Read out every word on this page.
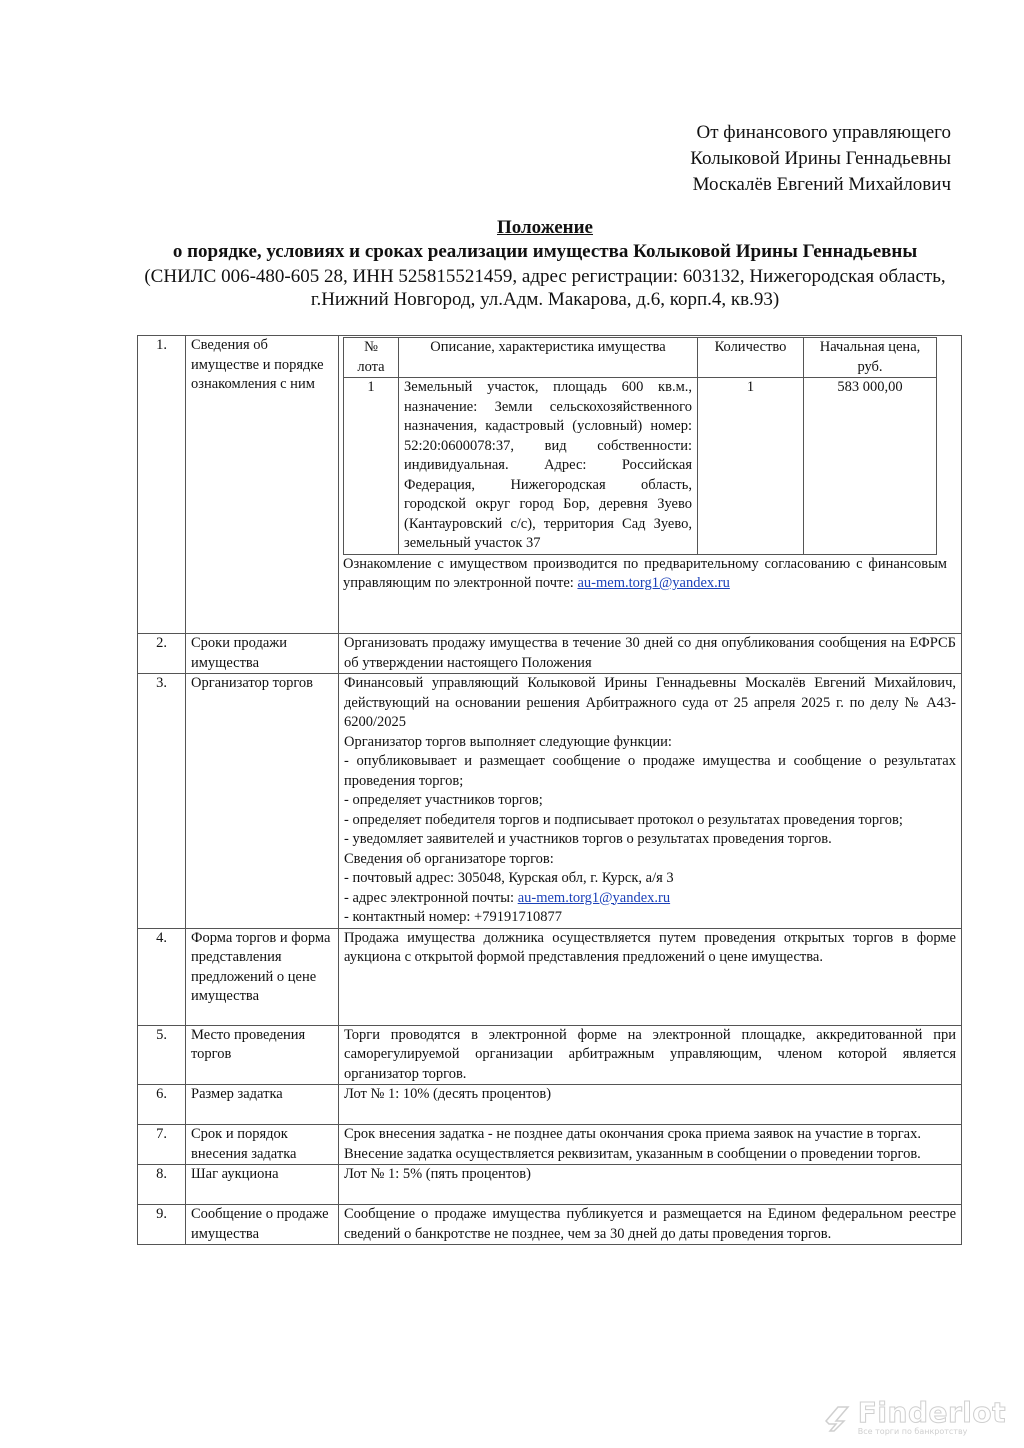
От финансового управляющего
Колыковой Ирины Геннадьевны
Москалёв Евгений Михайлович
Положение
о порядке, условиях и сроках реализации имущества Колыковой Ирины Геннадьевны
(СНИЛС 006-480-605 28, ИНН 525815521459, адрес регистрации: 603132, Нижегородская область, г.Нижний Новгород, ул.Адм. Макарова, д.6, корп.4, кв.93)
1.	Сведения об имуществе и порядке ознакомления с ним	
№ лота	Описание, характеристика имущества	Количество	Начальная цена, руб.
1	Земельный участок, площадь 600 кв.м., назначение: Земли сельскохозяйственного назначения, кадастровый (условный) номер: 52:20:0600078:37, вид собственности: индивидуальная. Адрес: Российская Федерация, Нижегородская область, городской округ город Бор, деревня Зуево (Кантауровский с/с), территория Сад Зуево, земельный участок 37	1	583 000,00

Ознакомление с имуществом производится по предварительному согласованию с финансовым управляющим по электронной почте: au-mem.torg1@yandex.ru

2.	Сроки продажи имущества	Организовать продажу имущества в течение 30 дней со дня опубликования сообщения на ЕФРСБ об утверждении настоящего Положения
3.	Организатор торгов	Финансовый управляющий Колыковой Ирины Геннадьевны Москалёв Евгений Михайлович, действующий на основании решения Арбитражного суда от 25 апреля 2025 г. по делу № А43-6200/2025

Организатор торгов выполняет следующие функции:

- опубликовывает и размещает сообщение о продаже имущества и сообщение о результатах проведения торгов;

- определяет участников торгов;

- определяет победителя торгов и подписывает протокол о результатах проведения торгов;

- уведомляет заявителей и участников торгов о результатах проведения торгов.

Сведения об организаторе торгов:

- почтовый адрес: 305048, Курская обл, г. Курск, а/я 3

- адрес электронной почты: au-mem.torg1@yandex.ru

- контактный номер: +79191710877

4.	Форма торгов и форма представления предложений о цене имущества	Продажа имущества должника осуществляется путем проведения открытых торгов в форме аукциона с открытой формой представления предложений о цене имущества.
5.	Место проведения торгов	Торги проводятся в электронной форме на электронной площадке, аккредитованной при саморегулируемой организации арбитражным управляющим, членом которой является организатор торгов.
6.	Размер задатка	Лот № 1: 10% (десять процентов)
7.	Срок и порядок внесения задатка	

Срок внесения задатка - не позднее даты окончания срока приема заявок на участие в торгах.

Внесение задатка осуществляется реквизитам, указанным в сообщении о проведении торгов.

8.	Шаг аукциона	Лот № 1: 5% (пять процентов)
9.	Сообщение о продаже имущества	Сообщение о продаже имущества публикуется и размещается на Едином федеральном реестре сведений о банкротстве не позднее, чем за 30 дней до даты проведения торгов.
Finderlot
Все торги по банкротству
